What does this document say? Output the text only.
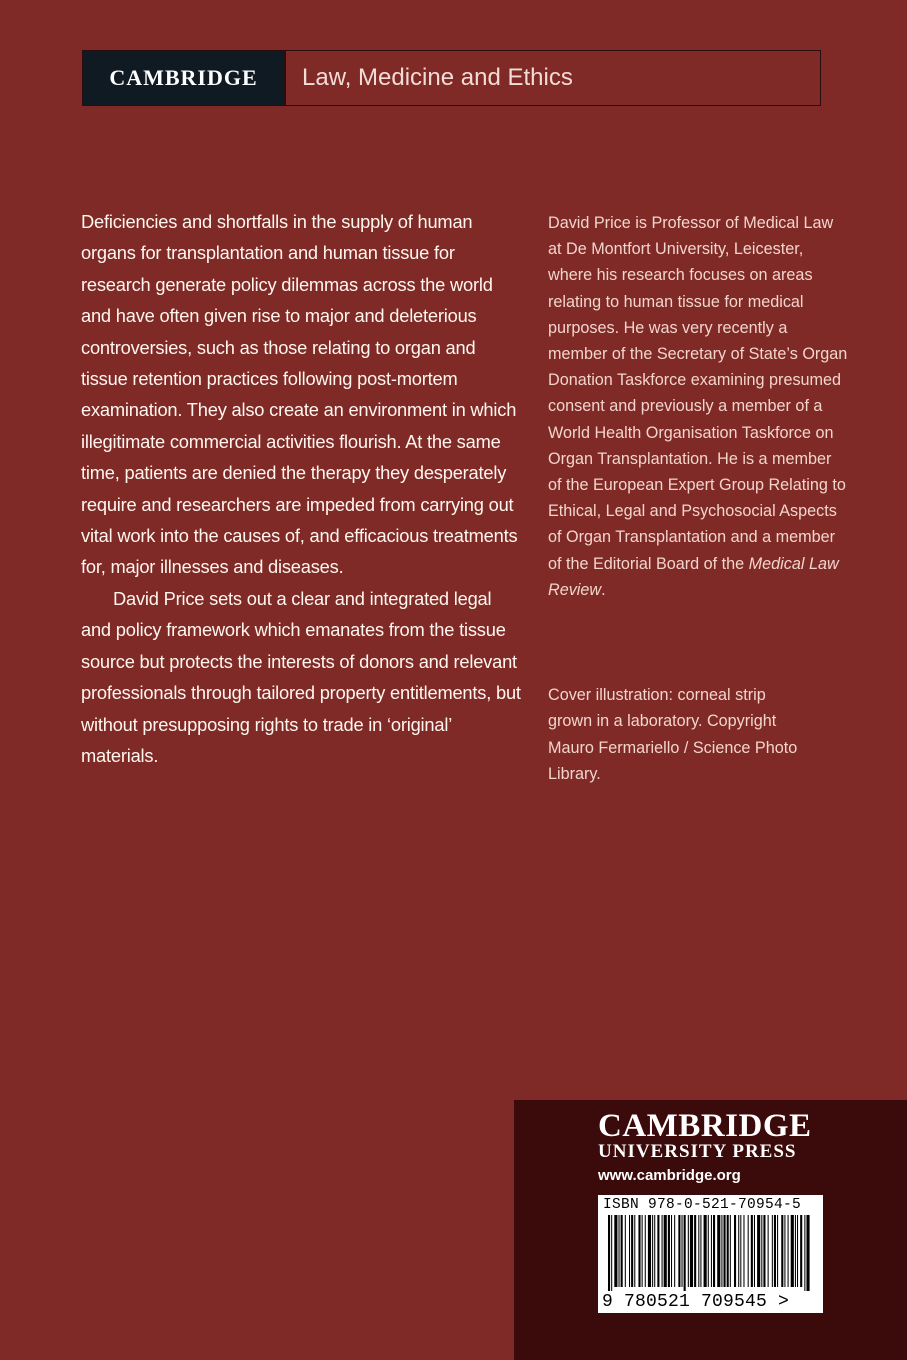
CAMBRIDGE	Law, Medicine and Ethics

Deficiencies and shortfalls in the supply of human organs for transplantation and human tissue for research generate policy dilemmas across the world and have often given rise to major and deleterious controversies, such as those relating to organ and tissue retention practices following post-mortem examination. They also create an environment in which illegitimate commercial activities flourish. At the same time, patients are denied the therapy they desperately require and researchers are impeded from carrying out vital work into the causes of, and efficacious treatments for, major illnesses and diseases.

David Price sets out a clear and integrated legal and policy framework which emanates from the tissue source but protects the interests of donors and relevant professionals through tailored property entitlements, but without presupposing rights to trade in ‘original’ materials.

David Price is Professor of Medical Law at De Montfort University, Leicester, where his research focuses on areas relating to human tissue for medical purposes. He was very recently a member of the Secretary of State’s Organ Donation Taskforce examining presumed consent and previously a member of a World Health Organisation Taskforce on Organ Transplantation. He is a member of the European Expert Group Relating to Ethical, Legal and Psychosocial Aspects of Organ Transplantation and a member of the Editorial Board of the Medical Law Review.
Cover illustration: corneal strip grown in a laboratory. Copyright Mauro Fermariello / Science Photo Library.
CAMBRIDGE
UNIVERSITY PRESS
www.cambridge.org
ISBN 978-0-521-70954-5
9 780521 709545 >
